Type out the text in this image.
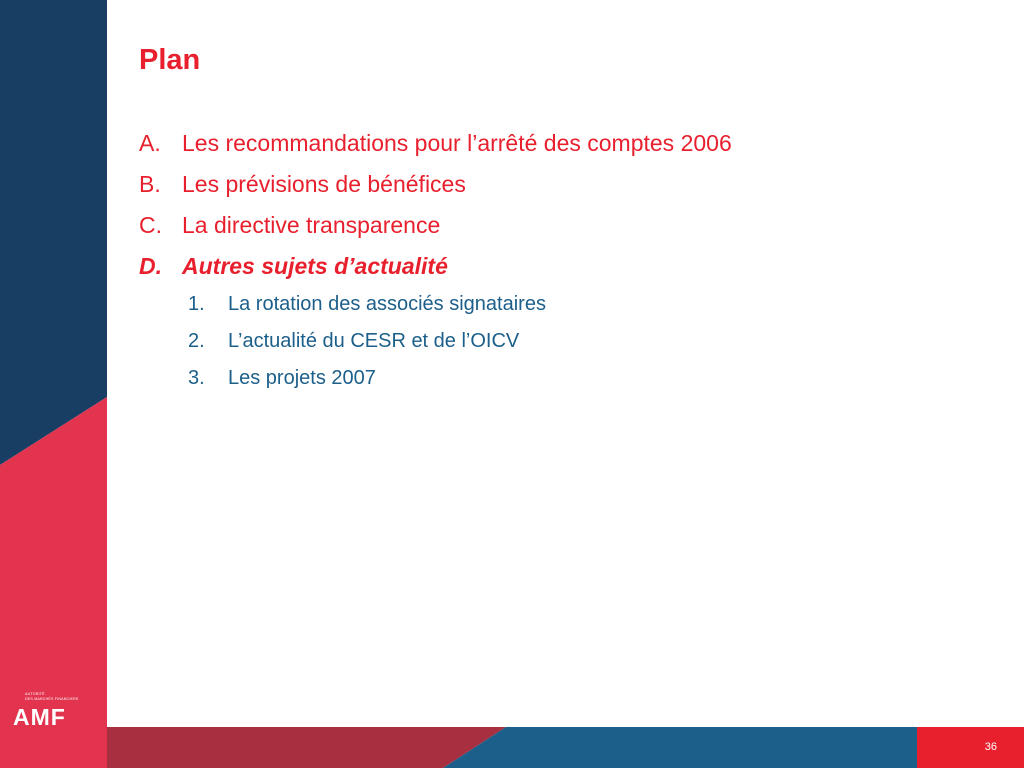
Plan
A. Les recommandations pour l’arrêté des comptes 2006
B. Les prévisions de bénéfices
C. La directive transparence
D. Autres sujets d’actualité
1. La rotation des associés signataires
2. L’actualité du CESR et de l’OICV
3. Les projets 2007
AUTORITÉ
DES MARCHÉS FINANCIERS
AMF
36
